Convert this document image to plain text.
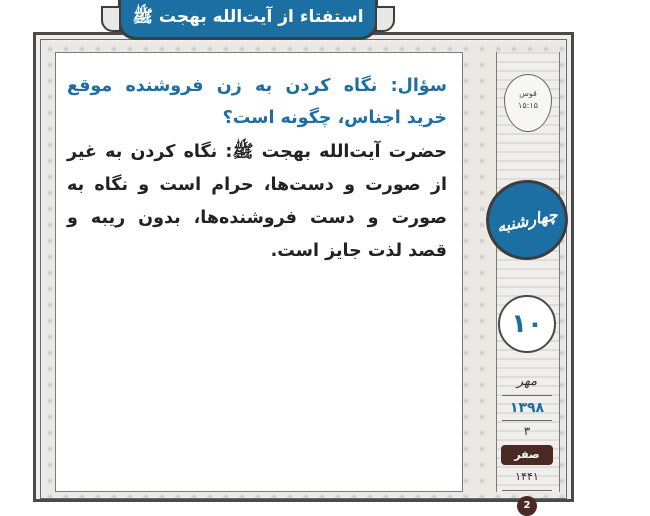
استفتاء از آیت‌الله بهجت ﷺ
سؤال: نگاه کردن به زن فروشنده موقع خرید اجناس، چگونه است؟
حضرت آیت‌الله بهجت ﷺ: نگاه کردن به غیر از صورت و دست‌ها، حرام است و نگاه به صورت و دست فروشنده‌ها، بدون ریبه و قصد لذت جایز است.
قوس
۱۵:۱۵
چهارشنبه
۱۰
مهر
۱۳۹۸
۳
صفر
۱۴۴۱
2
